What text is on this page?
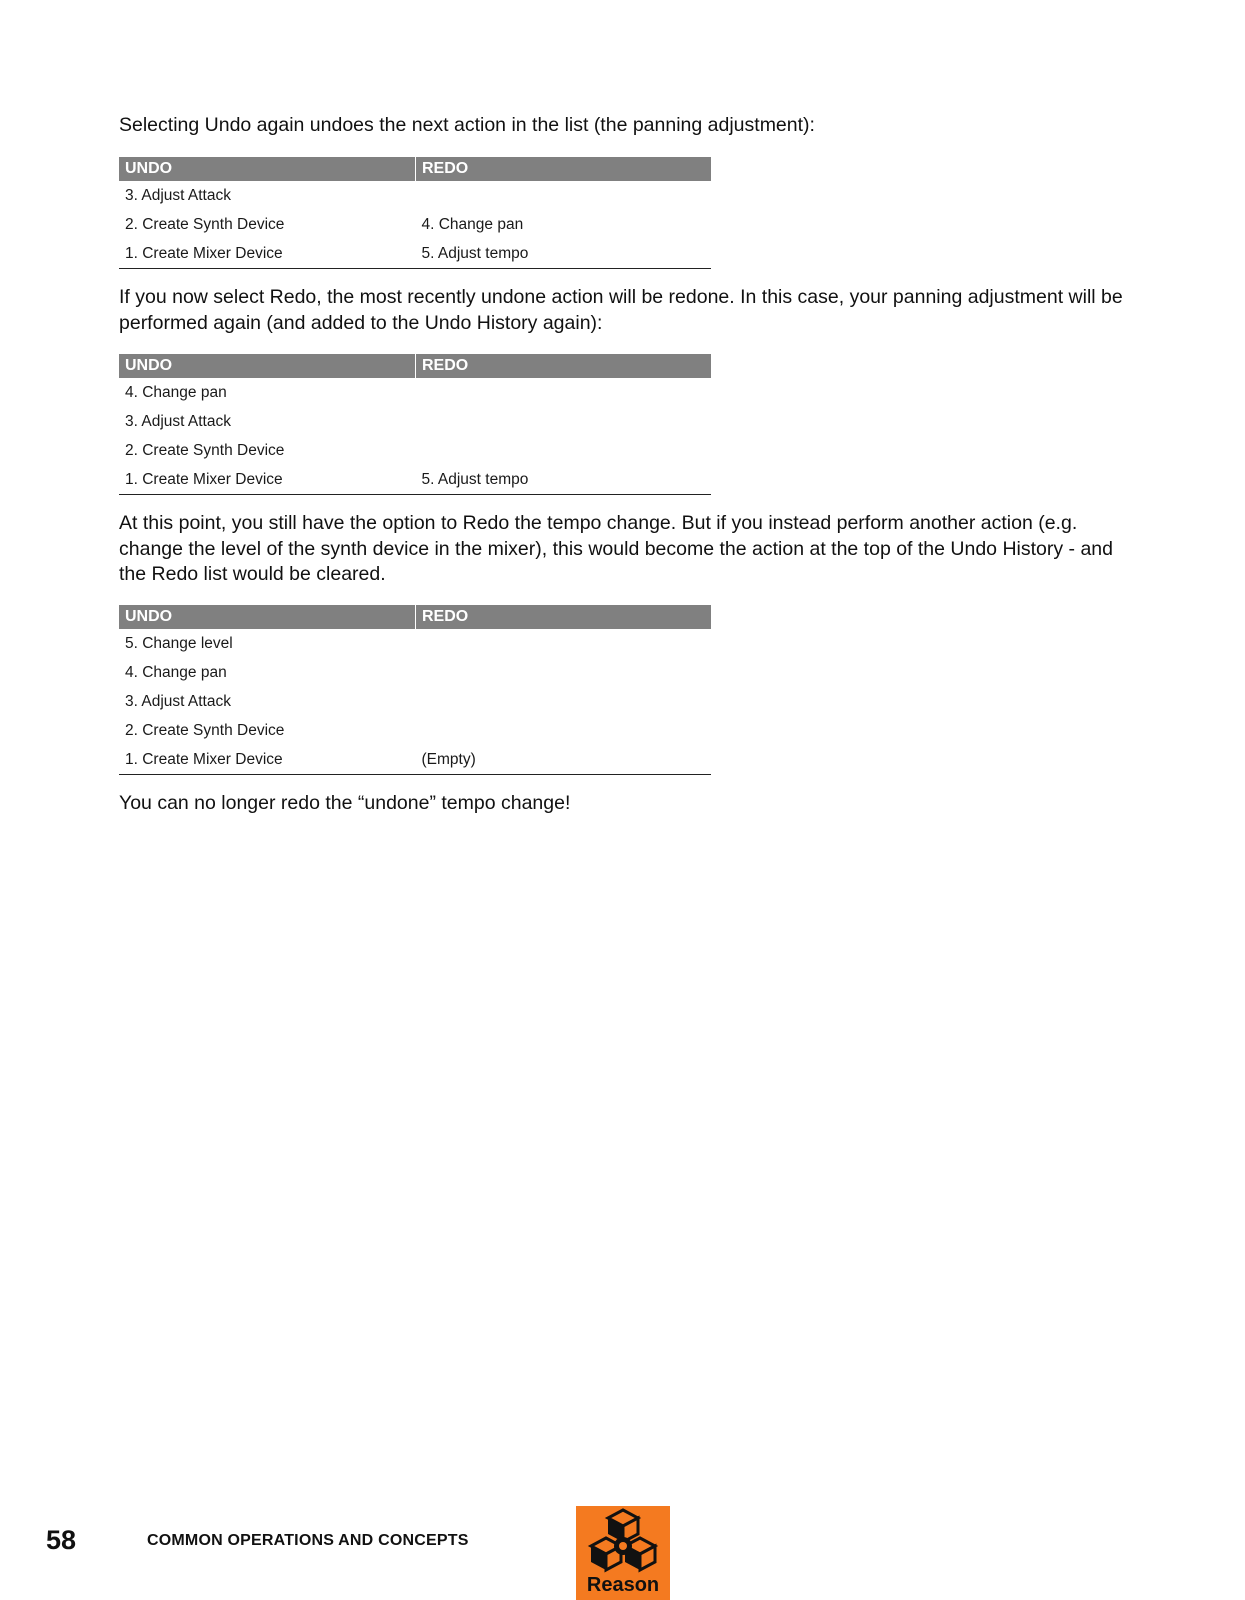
Selecting Undo again undoes the next action in the list (the panning adjustment):

UNDO	REDO
3. Adjust Attack	
2. Create Synth Device	4. Change pan
1. Create Mixer Device	5. Adjust tempo

If you now select Redo, the most recently undone action will be redone. In this case, your panning adjustment will be performed again (and added to the Undo History again):

UNDO	REDO
4. Change pan	
3. Adjust Attack	
2. Create Synth Device	
1. Create Mixer Device	5. Adjust tempo

At this point, you still have the option to Redo the tempo change. But if you instead perform another action (e.g. change the level of the synth device in the mixer), this would become the action at the top of the Undo History - and the Redo list would be cleared.

UNDO	REDO
5. Change level	
4. Change pan	
3. Adjust Attack	
2. Create Synth Device	
1. Create Mixer Device	(Empty)

You can no longer redo the “undone” tempo change!

58	COMMON OPERATIONS AND CONCEPTS
Reason
